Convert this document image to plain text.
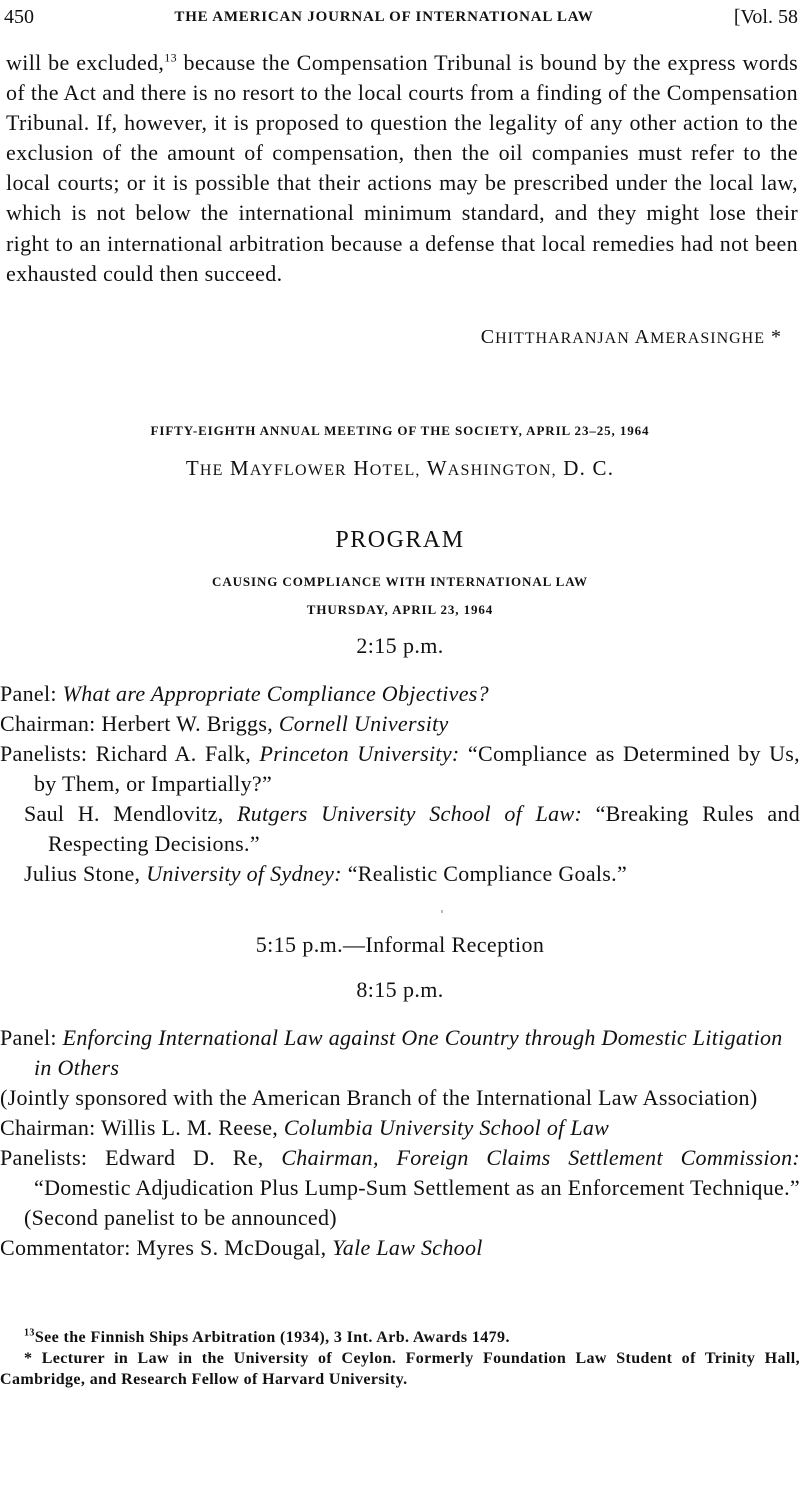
450	THE AMERICAN JOURNAL OF INTERNATIONAL LAW	[Vol. 58
will be excluded,$^{13}$ because the Compensation Tribunal is bound by the express words of the Act and there is no resort to the local courts from a finding of the Compensation Tribunal. If, however, it is proposed to question the legality of any other action to the exclusion of the amount of compensation, then the oil companies must refer to the local courts; or it is possible that their actions may be prescribed under the local law, which is not below the international minimum standard, and they might lose their right to an international arbitration because a defense that local remedies had not been exhausted could then succeed.
CHITTHARANJAN AMERASINGHE *
FIFTY-EIGHTH ANNUAL MEETING OF THE SOCIETY, APRIL 23–25, 1964
THE MAYFLOWER HOTEL, WASHINGTON, D. C.
PROGRAM
CAUSING COMPLIANCE WITH INTERNATIONAL LAW
THURSDAY, APRIL 23, 1964
2:15 p.m.
Panel: What are Appropriate Compliance Objectives?
Chairman: Herbert W. Briggs, Cornell University
Panelists: Richard A. Falk, Princeton University: “Compliance as Determined by Us, by Them, or Impartially?”
Saul H. Mendlovitz, Rutgers University School of Law: “Breaking Rules and Respecting Decisions.”
Julius Stone, University of Sydney: “Realistic Compliance Goals.”
5:15 p.m.—Informal Reception
8:15 p.m.
Panel: Enforcing International Law against One Country through Domestic Litigation in Others
(Jointly sponsored with the American Branch of the International Law Association)
Chairman: Willis L. M. Reese, Columbia University School of Law
Panelists: Edward D. Re, Chairman, Foreign Claims Settlement Commission: “Domestic Adjudication Plus Lump-Sum Settlement as an Enforcement Technique.”
(Second panelist to be announced)
Commentator: Myres S. McDougal, Yale Law School
$^{13}$See the Finnish Ships Arbitration (1934), 3 Int. Arb. Awards 1479.
* Lecturer in Law in the University of Ceylon. Formerly Foundation Law Student of Trinity Hall, Cambridge, and Research Fellow of Harvard University.
